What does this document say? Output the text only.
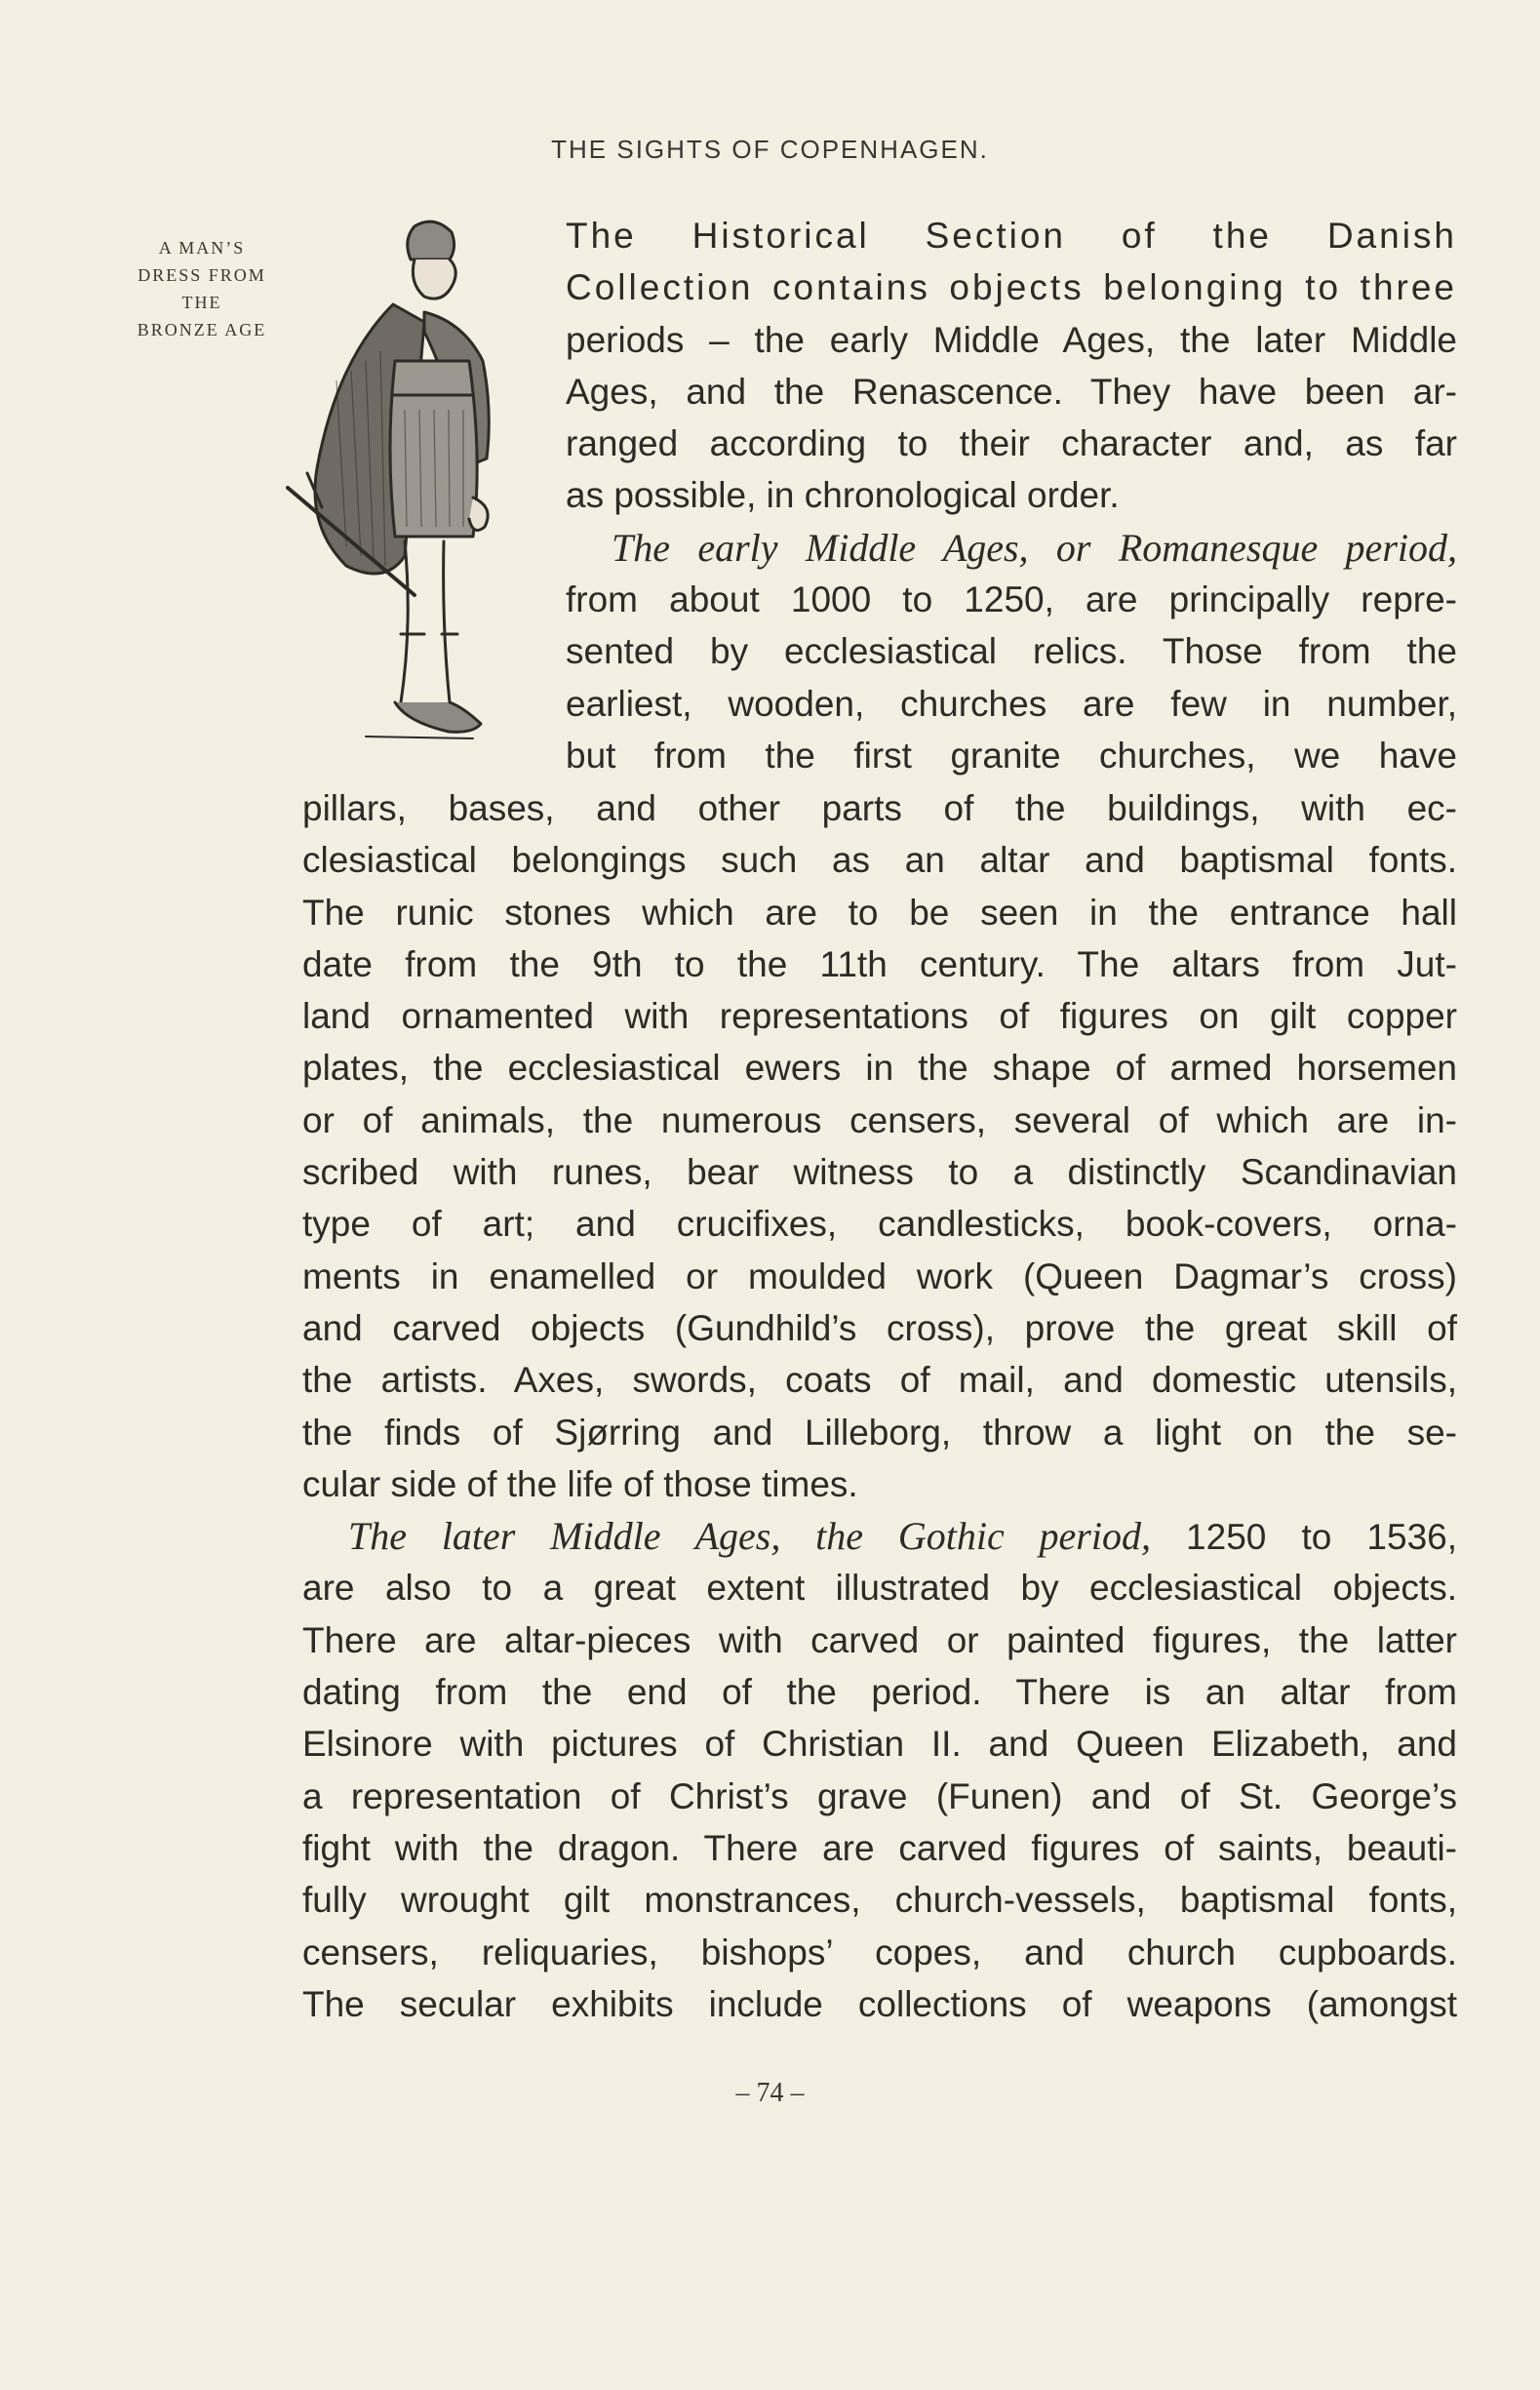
THE SIGHTS OF COPENHAGEN.
A MAN’S
DRESS FROM
THE
BRONZE AGE
The Historical Section of the Danish
Collection contains objects belonging to three
periods – the early Middle Ages, the later Middle
Ages, and the Renascence. They have been ar-
ranged according to their character and, as far
as possible, in chronological order.
The early Middle Ages, or Romanesque period,
from about 1000 to 1250, are principally repre-
sented by ecclesiastical relics. Those from the
earliest, wooden, churches are few in number,
but from the first granite churches, we have
pillars, bases, and other parts of the buildings, with ec-
clesiastical belongings such as an altar and baptismal fonts.
The runic stones which are to be seen in the entrance hall
date from the 9th to the 11th century. The altars from Jut-
land ornamented with representations of figures on gilt copper
plates, the ecclesiastical ewers in the shape of armed horsemen
or of animals, the numerous censers, several of which are in-
scribed with runes, bear witness to a distinctly Scandinavian
type of art; and crucifixes, candlesticks, book-covers, orna-
ments in enamelled or moulded work (Queen Dagmar’s cross)
and carved objects (Gundhild’s cross), prove the great skill of
the artists. Axes, swords, coats of mail, and domestic utensils,
the finds of Sjørring and Lilleborg, throw a light on the se-
cular side of the life of those times.
The later Middle Ages, the Gothic period, 1250 to 1536,
are also to a great extent illustrated by ecclesiastical objects.
There are altar-pieces with carved or painted figures, the latter
dating from the end of the period. There is an altar from
Elsinore with pictures of Christian II. and Queen Elizabeth, and
a representation of Christ’s grave (Funen) and of St. George’s
fight with the dragon. There are carved figures of saints, beauti-
fully wrought gilt monstrances, church-vessels, baptismal fonts,
censers, reliquaries, bishops’ copes, and church cupboards.
The secular exhibits include collections of weapons (amongst
– 74 –
